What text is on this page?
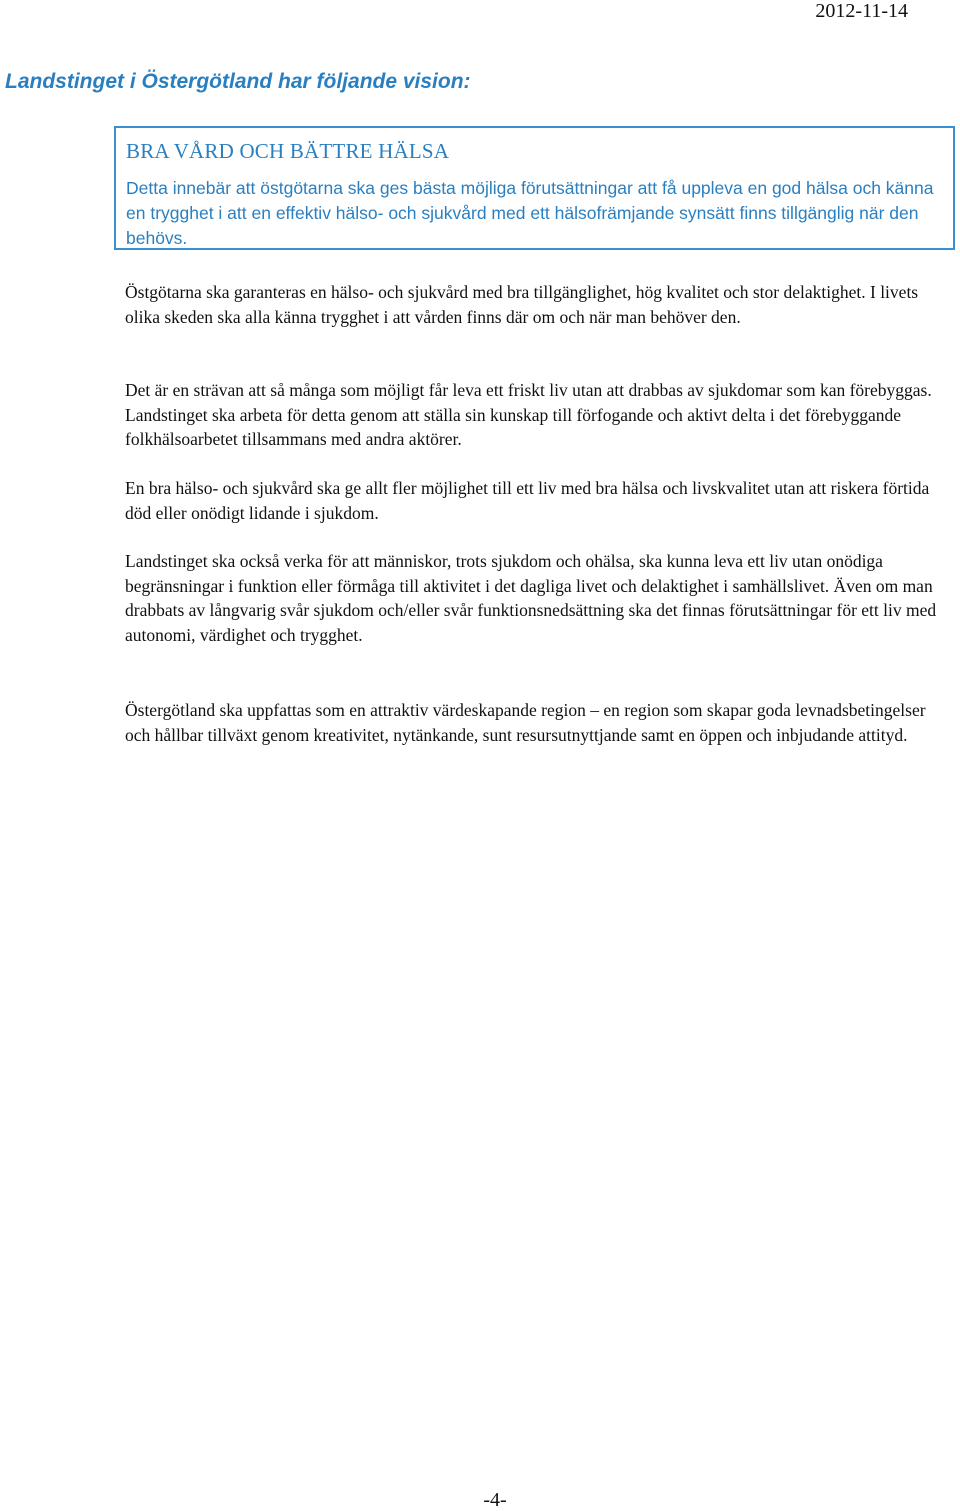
2012-11-14
Landstinget i Östergötland har följande vision:
BRA VÅRD OCH BÄTTRE HÄLSA
Detta innebär att östgötarna ska ges bästa möjliga förutsättningar att få uppleva en god hälsa och känna en trygghet i att en effektiv hälso- och sjukvård med ett hälsofrämjande synsätt finns tillgänglig när den behövs.
Östgötarna ska garanteras en hälso- och sjukvård med bra tillgänglighet, hög kvalitet och stor delaktighet. I livets olika skeden ska alla känna trygghet i att vården finns där om och när man behöver den.
Det är en strävan att så många som möjligt får leva ett friskt liv utan att drabbas av sjukdomar som kan förebyggas. Landstinget ska arbeta för detta genom att ställa sin kunskap till förfogande och aktivt delta i det förebyggande folkhälsoarbetet tillsammans med andra aktörer.
En bra hälso- och sjukvård ska ge allt fler möjlighet till ett liv med bra hälsa och livskvalitet utan att riskera förtida död eller onödigt lidande i sjukdom.
Landstinget ska också verka för att människor, trots sjukdom och ohälsa, ska kunna leva ett liv utan onödiga begränsningar i funktion eller förmåga till aktivitet i det dagliga livet och delaktighet i samhällslivet. Även om man drabbats av långvarig svår sjukdom och/eller svår funktionsnedsättning ska det finnas förutsättningar för ett liv med autonomi, värdighet och trygghet.
Östergötland ska uppfattas som en attraktiv värdeskapande region – en region som skapar goda levnadsbetingelser och hållbar tillväxt genom kreativitet, nytänkande, sunt resursutnyttjande samt en öppen och inbjudande attityd.
-4-
